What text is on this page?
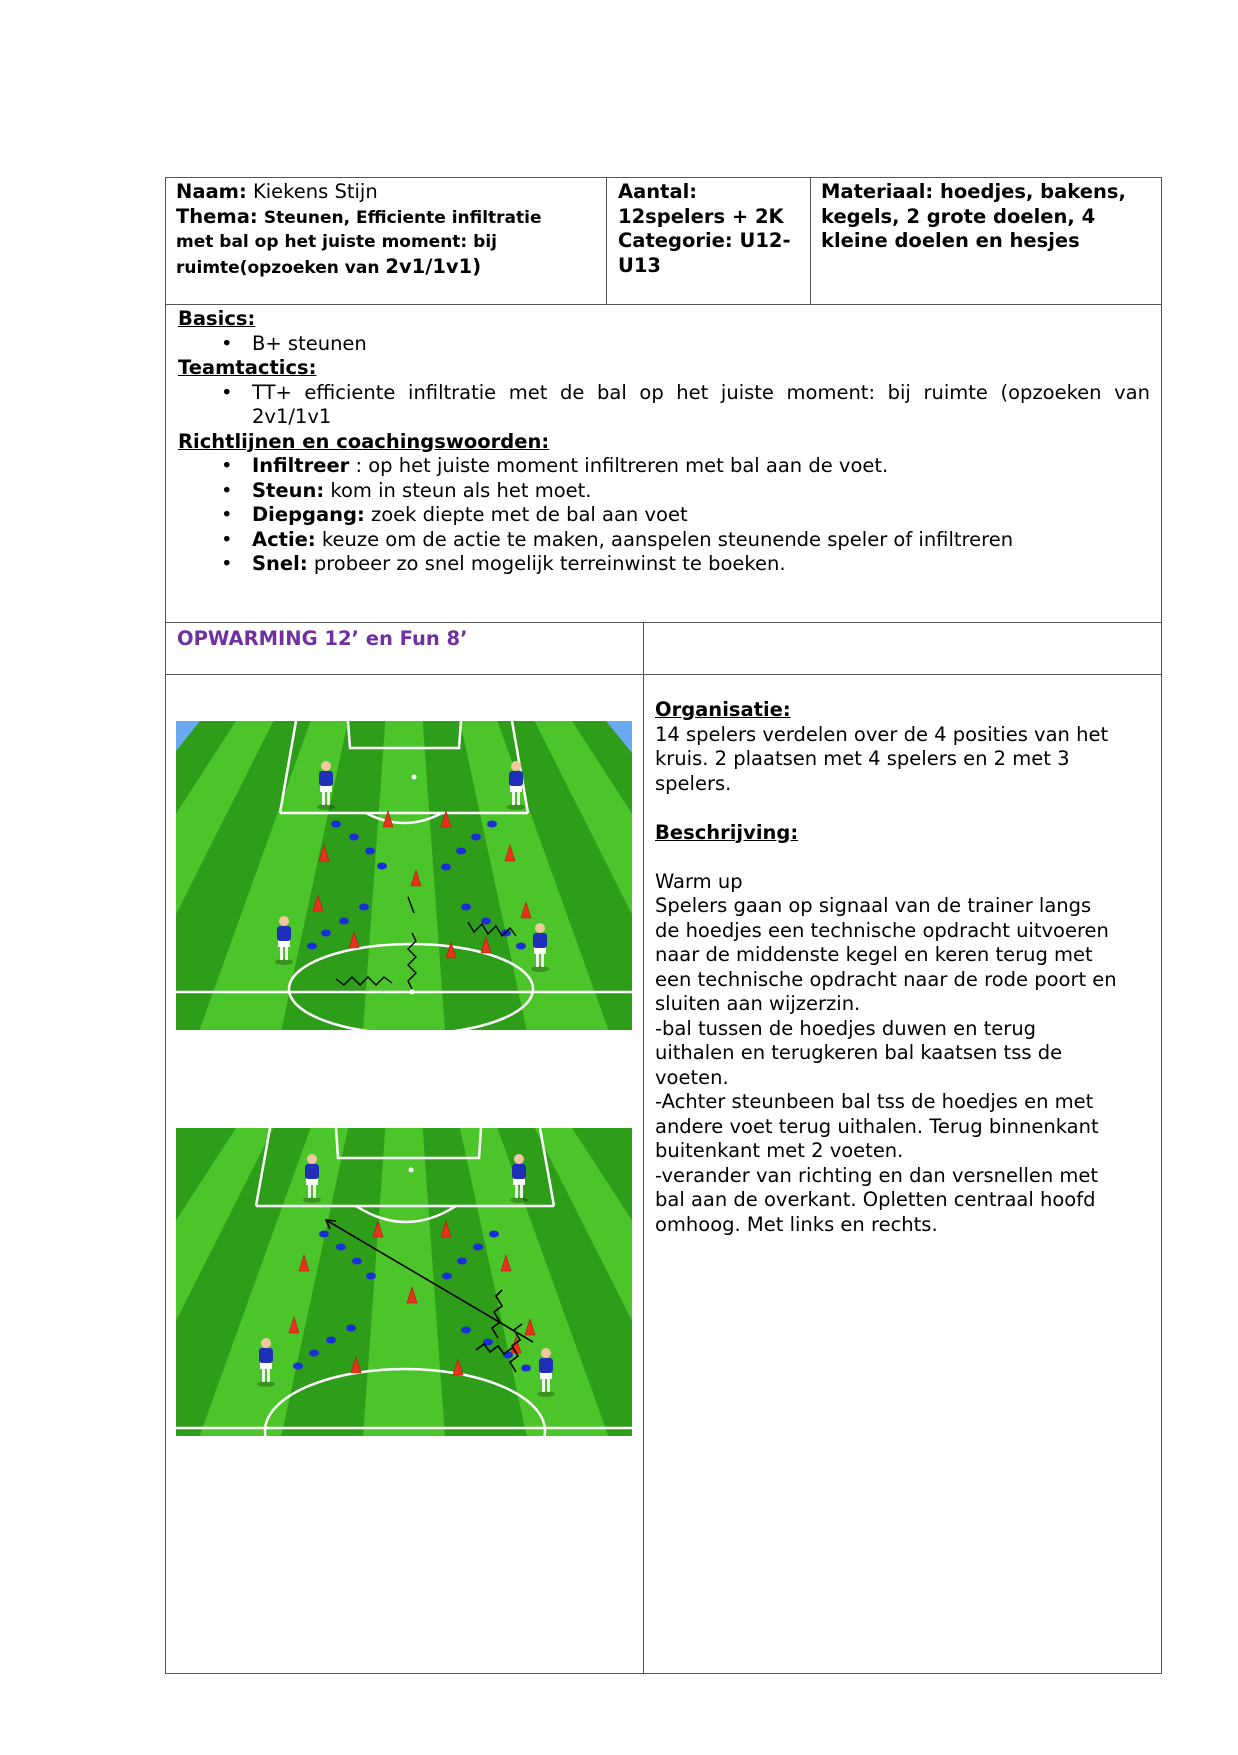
Naam: Kiekens Stijn
Thema: Steunen, Efficiente infiltratie
met bal op het juiste moment: bij
ruimte(opzoeken van 2v1/1v1)
Aantal:
12spelers + 2K
Categorie: U12-
U13
Materiaal: hoedjes, bakens,
kegels, 2 grote doelen, 4
kleine doelen en hesjes
Basics:
• B+ steunen
Teamtactics:
• TT+ efficiente infiltratie met de bal op het juiste moment: bij ruimte (opzoeken van
2v1/1v1
Richtlijnen en coachingswoorden:
• Infiltreer : op het juiste moment infiltreren met bal aan de voet.
• Steun: kom in steun als het moet.
• Diepgang: zoek diepte met de bal aan voet
• Actie: keuze om de actie te maken, aanspelen steunende speler of infiltreren
• Snel: probeer zo snel mogelijk terreinwinst te boeken.
OPWARMING 12’ en Fun 8’
Organisatie:

14 spelers verdelen over de 4 posities van het

kruis. 2 plaatsen met 4 spelers en 2 met 3

spelers.

Beschrijving:

Warm up

Spelers gaan op signaal van de trainer langs

de hoedjes een technische opdracht uitvoeren

naar de middenste kegel en keren terug met

een technische opdracht naar de rode poort en

sluiten aan wijzerzin.

-bal tussen de hoedjes duwen en terug

uithalen en terugkeren bal kaatsen tss de

voeten.

-Achter steunbeen bal tss de hoedjes en met

andere voet terug uithalen. Terug binnenkant

buitenkant met 2 voeten.

-verander van richting en dan versnellen met

bal aan de overkant. Opletten centraal hoofd

omhoog. Met links en rechts.
